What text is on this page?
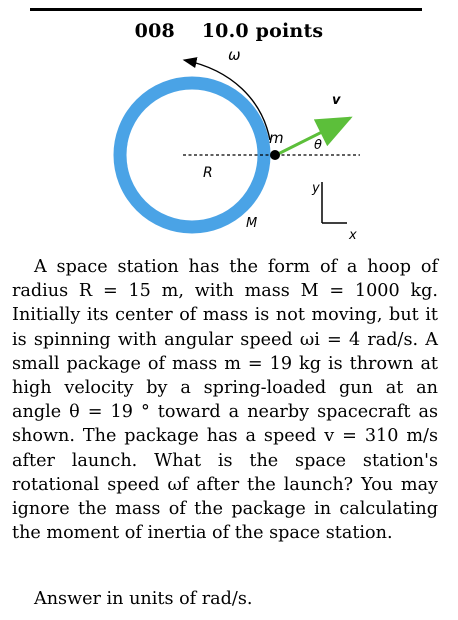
008 10.0 points
ω
v
m θ
R
M
y
x

A space station has the form of a hoop of radius R = 15 m, with mass M = 1000 kg. Initially its center of mass is not moving, but it is spinning with angular speed ωi = 4 rad/s. A small package of mass m = 19 kg is thrown at high velocity by a spring-loaded gun at an angle θ = 19 ° toward a nearby spacecraft as shown. The package has a speed v = 310 m/s after launch. What is the space station's rotational speed ωf after the launch? You may ignore the mass of the package in calculating the moment of inertia of the space station.

Answer in units of rad/s.
